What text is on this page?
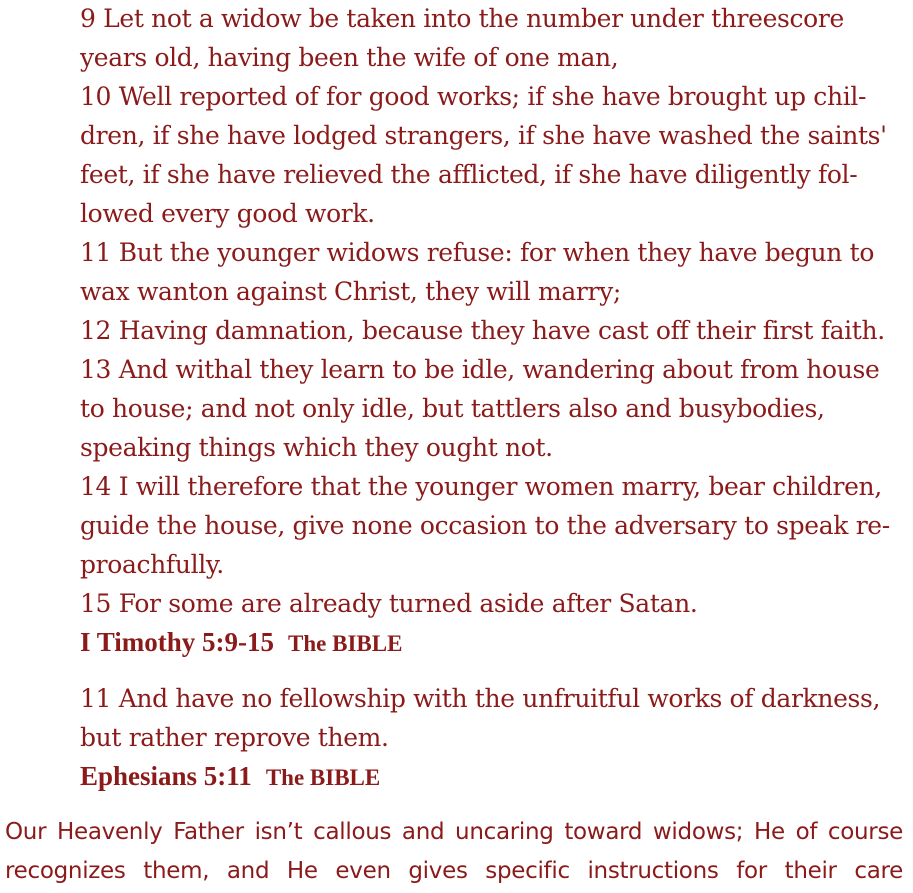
9 Let not a widow be taken into the number under threescore

years old, having been the wife of one man,

10 Well reported of for good works; if she have brought up chil-

dren, if she have lodged strangers, if she have washed the saints'

feet, if she have relieved the afflicted, if she have diligently fol-

lowed every good work.

11 But the younger widows refuse: for when they have begun to

wax wanton against Christ, they will marry;

12 Having damnation, because they have cast off their first faith.

13 And withal they learn to be idle, wandering about from house

to house; and not only idle, but tattlers also and busybodies,

speaking things which they ought not.

14 I will therefore that the younger women marry, bear children,

guide the house, give none occasion to the adversary to speak re-

proachfully.

15 For some are already turned aside after Satan.

I Timothy 5:9-15 The BIBLE

11 And have no fellowship with the unfruitful works of darkness,

but rather reprove them.

Ephesians 5:11 The BIBLE

Our Heavenly Father isn’t callous and uncaring toward widows; He of course recognizes them, and He even gives specific instructions for their care
